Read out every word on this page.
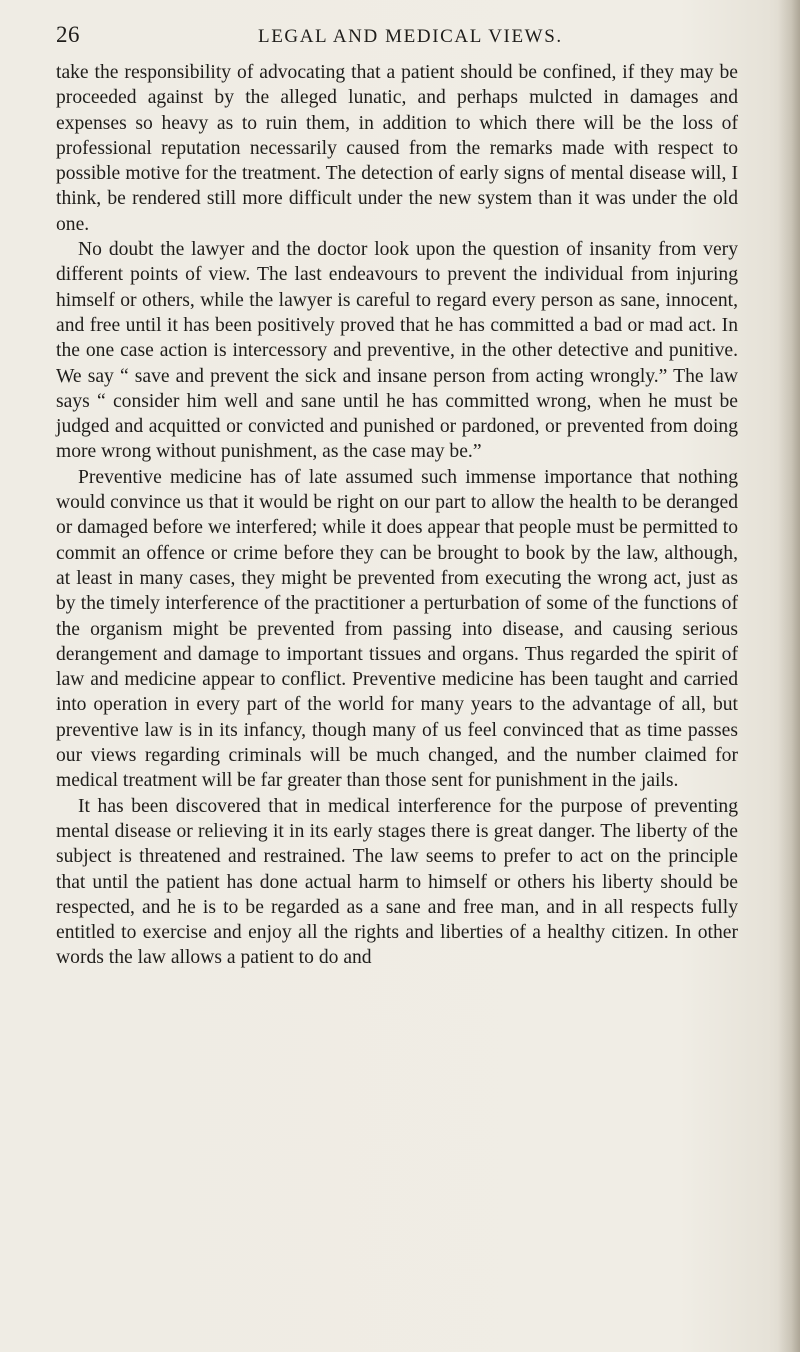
26	LEGAL AND MEDICAL VIEWS.

take the responsibility of advocating that a patient should be confined, if they may be proceeded against by the alleged lunatic, and perhaps mulcted in damages and expenses so heavy as to ruin them, in addition to which there will be the loss of professional reputation necessarily caused from the remarks made with respect to possible motive for the treatment. The detection of early signs of mental disease will, I think, be rendered still more difficult under the new system than it was under the old one.

No doubt the lawyer and the doctor look upon the question of insanity from very different points of view. The last endeavours to prevent the individual from injuring himself or others, while the lawyer is careful to regard every person as sane, innocent, and free until it has been positively proved that he has committed a bad or mad act. In the one case action is intercessory and preventive, in the other detective and punitive. We say “ save and prevent the sick and insane person from acting wrongly.” The law says “ consider him well and sane until he has committed wrong, when he must be judged and acquitted or convicted and punished or pardoned, or prevented from doing more wrong without punishment, as the case may be.”

Preventive medicine has of late assumed such immense importance that nothing would convince us that it would be right on our part to allow the health to be deranged or damaged before we interfered; while it does appear that people must be permitted to commit an offence or crime before they can be brought to book by the law, although, at least in many cases, they might be prevented from executing the wrong act, just as by the timely interference of the practitioner a perturbation of some of the functions of the organism might be prevented from passing into disease, and causing serious derangement and damage to important tissues and organs. Thus regarded the spirit of law and medicine appear to conflict. Preventive medicine has been taught and carried into operation in every part of the world for many years to the advantage of all, but preventive law is in its infancy, though many of us feel convinced that as time passes our views regarding criminals will be much changed, and the number claimed for medical treatment will be far greater than those sent for punishment in the jails.

It has been discovered that in medical interference for the purpose of preventing mental disease or relieving it in its early stages there is great danger. The liberty of the subject is threatened and restrained. The law seems to prefer to act on the principle that until the patient has done actual harm to himself or others his liberty should be respected, and he is to be regarded as a sane and free man, and in all respects fully entitled to exercise and enjoy all the rights and liberties of a healthy citizen. In other words the law allows a patient to do and
